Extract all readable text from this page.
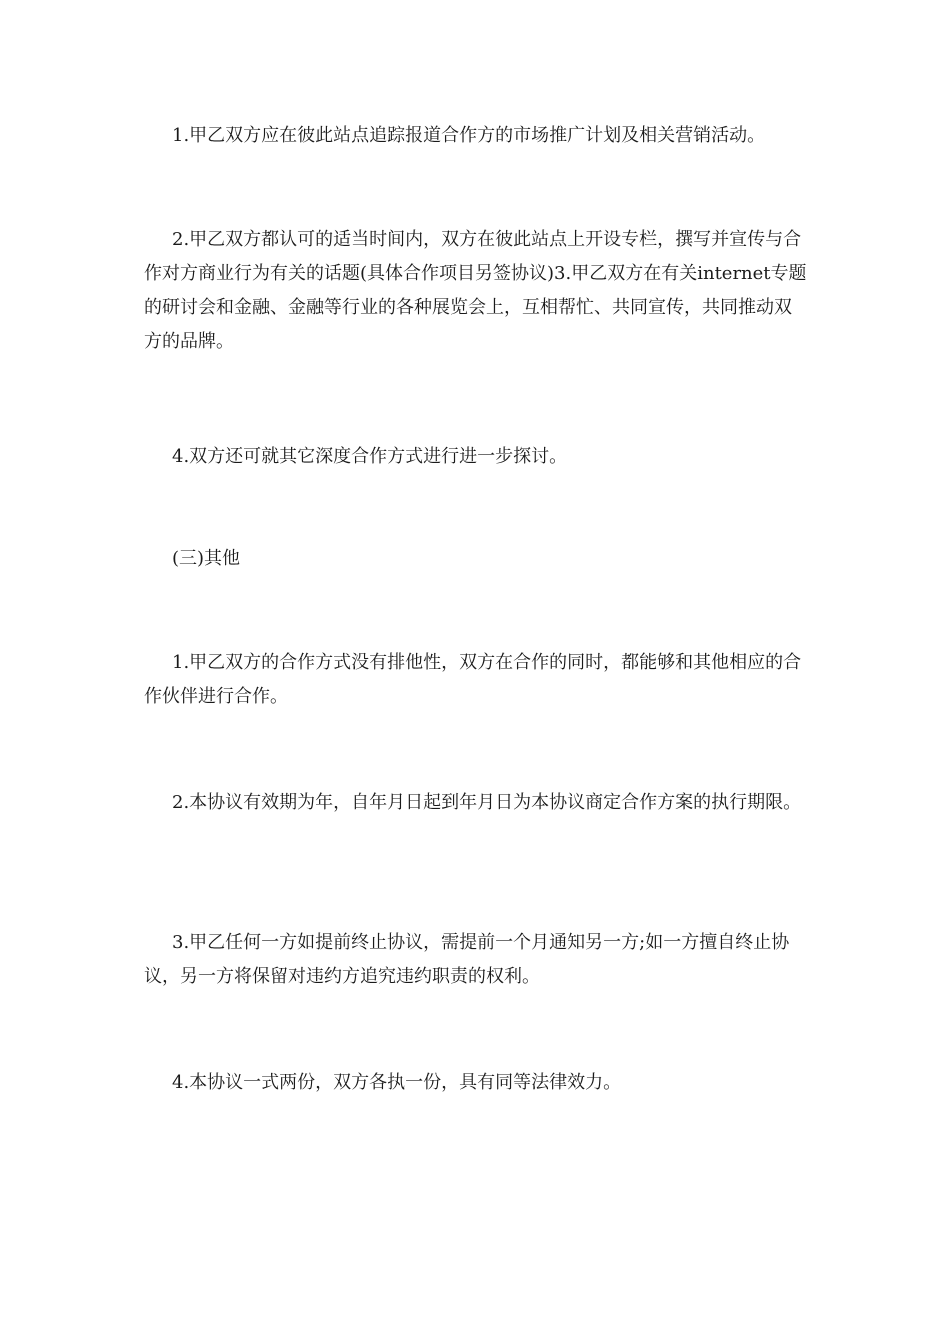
1.甲乙双方应在彼此站点追踪报道合作方的市场推广计划及相关营销活动。

2.甲乙双方都认可的适当时间内，双方在彼此站点上开设专栏，撰写并宣传与合作对方商业行为有关的话题(具体合作项目另签协议)3.甲乙双方在有关internet专题的研讨会和金融、金融等行业的各种展览会上，互相帮忙、共同宣传，共同推动双方的品牌。

4.双方还可就其它深度合作方式进行进一步探讨。

(三)其他

1.甲乙双方的合作方式没有排他性，双方在合作的同时，都能够和其他相应的合作伙伴进行合作。

2.本协议有效期为年，自年月日起到年月日为本协议商定合作方案的执行期限。

3.甲乙任何一方如提前终止协议，需提前一个月通知另一方;如一方擅自终止协议，另一方将保留对违约方追究违约职责的权利。

4.本协议一式两份，双方各执一份，具有同等法律效力。
